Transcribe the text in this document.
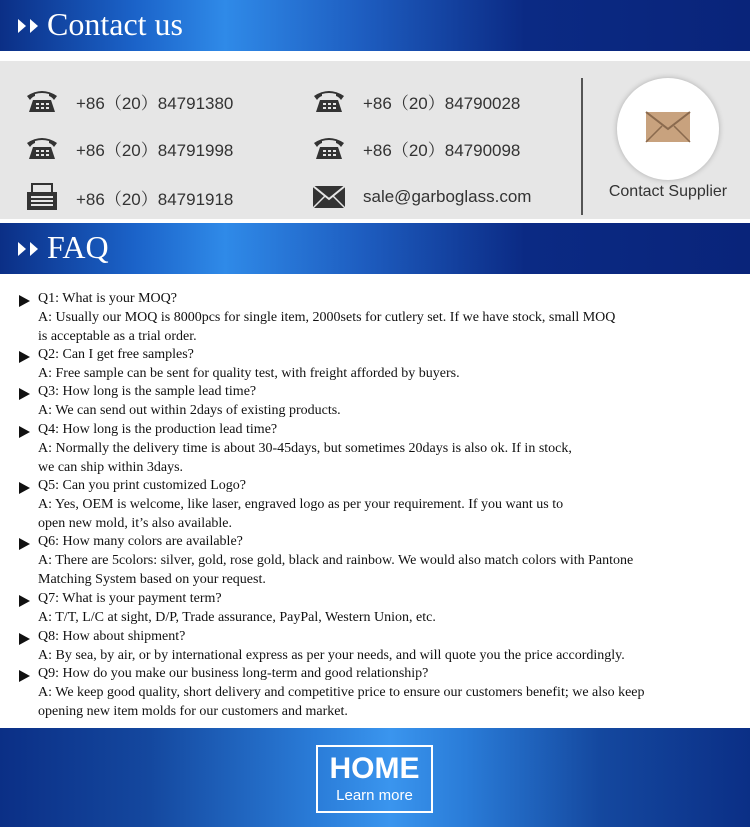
Contact us
+86（20）84791380
+86（20）84791998
+86（20）84791918
+86（20）84790028
+86（20）84790098
sale@garboglass.com	Contact Supplier
FAQ
Q1: What is your MOQ?
A: Usually our MOQ is 8000pcs for single item, 2000sets for cutlery set. If we have stock, small MOQ
is acceptable as a trial order.
Q2: Can I get free samples?
A: Free sample can be sent for quality test, with freight afforded by buyers.
Q3: How long is the sample lead time?
A: We can send out within 2days of existing products.
Q4: How long is the production lead time?
A: Normally the delivery time is about 30-45days, but sometimes 20days is also ok. If in stock,
we can ship within 3days.
Q5: Can you print customized Logo?
A: Yes, OEM is welcome, like laser, engraved logo as per your requirement. If you want us to
open new mold, it’s also available.
Q6: How many colors are available?
A: There are 5colors: silver, gold, rose gold, black and rainbow. We would also match colors with Pantone
Matching System based on your request.
Q7: What is your payment term?
A: T/T, L/C at sight, D/P, Trade assurance, PayPal, Western Union, etc.
Q8: How about shipment?
A: By sea, by air, or by international express as per your needs, and will quote you the price accordingly.
Q9: How do you make our business long-term and good relationship?
A: We keep good quality, short delivery and competitive price to ensure our customers benefit; we also keep
opening new item molds for our customers and market.
HOME
Learn more
